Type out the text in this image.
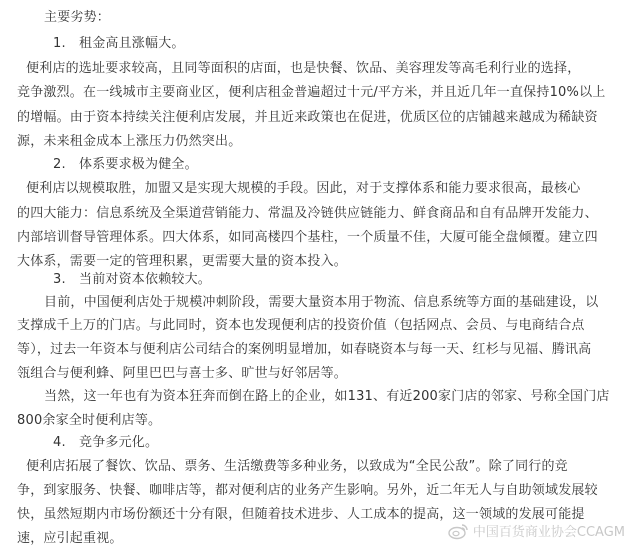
主要劣势：
1.　租金高且涨幅大。
便利店的选址要求较高，且同等面积的店面，也是快餐、饮品、美容理发等高毛利行业的选择，
竞争激烈。在一线城市主要商业区，便利店租金普遍超过十元/平方米，并且近几年一直保持10%以上
的增幅。由于资本持续关注便利店发展，并且近来政策也在促进，优质区位的店铺越来越成为稀缺资
源，未来租金成本上涨压力仍然突出。
2.　体系要求极为健全。
便利店以规模取胜，加盟又是实现大规模的手段。因此，对于支撑体系和能力要求很高，最核心
的四大能力：信息系统及全渠道营销能力、常温及冷链供应链能力、鲜食商品和自有品牌开发能力、
内部培训督导管理体系。四大体系，如同高楼四个基柱，一个质量不佳，大厦可能全盘倾覆。建立四
大体系，需要一定的管理积累，更需要大量的资本投入。
3.　当前对资本依赖较大。
目前，中国便利店处于规模冲刺阶段，需要大量资本用于物流、信息系统等方面的基础建设，以
支撑成千上万的门店。与此同时，资本也发现便利店的投资价值（包括网点、会员、与电商结合点
等），过去一年资本与便利店公司结合的案例明显增加，如春晓资本与每一天、红杉与见福、腾讯高
瓴组合与便利蜂、阿里巴巴与喜士多、旷世与好邻居等。
当然，这一年也有为资本狂奔而倒在路上的企业，如131、有近200家门店的邻家、号称全国门店
800余家全时便利店等。
4.　竞争多元化。
便利店拓展了餐饮、饮品、票务、生活缴费等多种业务，以致成为“全民公敌”。除了同行的竞
争，到家服务、快餐、咖啡店等，都对便利店的业务产生影响。另外，近二年无人与自助领域发展较
快，虽然短期内市场份额还十分有限，但随着技术进步、人工成本的提高，这一领域的发展可能提
速，应引起重视。	中国百货商业协会CCAGM
